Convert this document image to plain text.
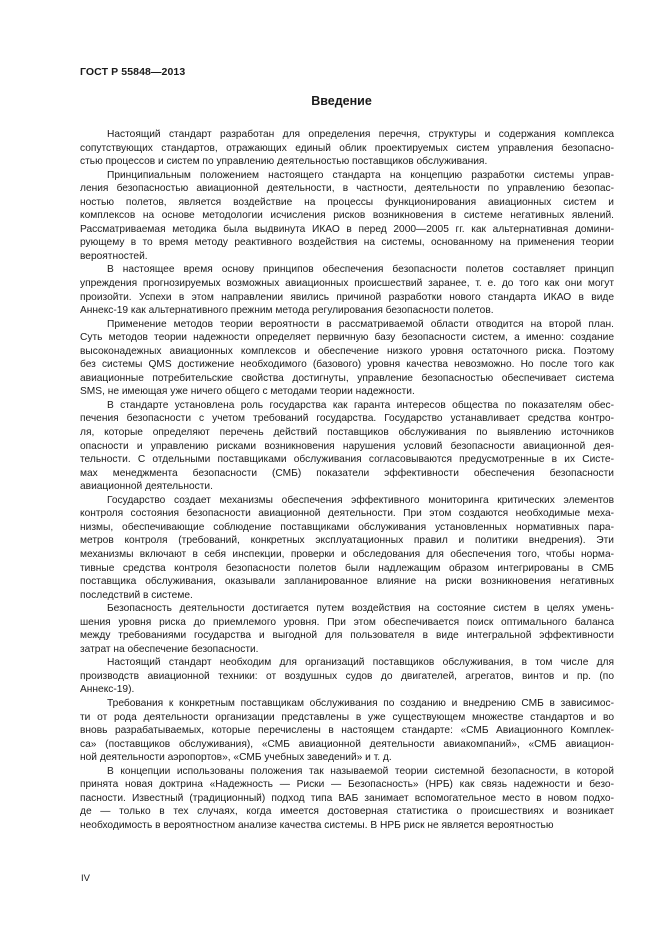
ГОСТ Р 55848—2013
Введение
Настоящий стандарт разработан для определения перечня, структуры и содержания комплекса
сопутствующих стандартов, отражающих единый облик проектируемых систем управления безопасно-
стью процессов и систем по управлению деятельностью поставщиков обслуживания.
Принципиальным положением настоящего стандарта на концепцию разработки системы управ-
ления безопасностью авиационной деятельности, в частности, деятельности по управлению безопас-
ностью полетов, является воздействие на процессы функционирования авиационных систем и
комплексов на основе методологии исчисления рисков возникновения в системе негативных явлений.
Рассматриваемая методика была выдвинута ИКАО в перед 2000—2005 гг. как альтернативная домини-
рующему в то время методу реактивного воздействия на системы, основанному на применения теории
вероятностей.
В настоящее время основу принципов обеспечения безопасности полетов составляет принцип
упреждения прогнозируемых возможных авиационных происшествий заранее, т. е. до того как они могут
произойти. Успехи в этом направлении явились причиной разработки нового стандарта ИКАО в виде
Аннекс-19 как альтернативного прежним метода регулирования безопасности полетов.
Применение методов теории вероятности в рассматриваемой области отводится на второй план.
Суть методов теории надежности определяет первичную базу безопасности систем, а именно: создание
высоконадежных авиационных комплексов и обеспечение низкого уровня остаточного риска. Поэтому
без системы QMS достижение необходимого (базового) уровня качества невозможно. Но после того как
авиационные потребительские свойства достигнуты, управление безопасностью обеспечивает система
SMS, не имеющая уже ничего общего с методами теории надежности.
В стандарте установлена роль государства как гаранта интересов общества по показателям обес-
печения безопасности с учетом требований государства. Государство устанавливает средства контро-
ля, которые определяют перечень действий поставщиков обслуживания по выявлению источников
опасности и управлению рисками возникновения нарушения условий безопасности авиационной дея-
тельности. С отдельными поставщиками обслуживания согласовываются предусмотренные в их Систе-
мах менеджмента безопасности (СМБ) показатели эффективности обеспечения безопасности
авиационной деятельности.
Государство создает механизмы обеспечения эффективного мониторинга критических элементов
контроля состояния безопасности авиационной деятельности. При этом создаются необходимые меха-
низмы, обеспечивающие соблюдение поставщиками обслуживания установленных нормативных пара-
метров контроля (требований, конкретных эксплуатационных правил и политики внедрения). Эти
механизмы включают в себя инспекции, проверки и обследования для обеспечения того, чтобы норма-
тивные средства контроля безопасности полетов были надлежащим образом интегрированы в СМБ
поставщика обслуживания, оказывали запланированное влияние на риски возникновения негативных
последствий в системе.
Безопасность деятельности достигается путем воздействия на состояние систем в целях умень-
шения уровня риска до приемлемого уровня. При этом обеспечивается поиск оптимального баланса
между требованиями государства и выгодной для пользователя в виде интегральной эффективности
затрат на обеспечение безопасности.
Настоящий стандарт необходим для организаций поставщиков обслуживания, в том числе для
производств авиационной техники: от воздушных судов до двигателей, агрегатов, винтов и пр. (по
Аннекс-19).
Требования к конкретным поставщикам обслуживания по созданию и внедрению СМБ в зависимос-
ти от рода деятельности организации представлены в уже существующем множестве стандартов и во
вновь разрабатываемых, которые перечислены в настоящем стандарте: «СМБ Авиационного Комплек-
са» (поставщиков обслуживания), «СМБ авиационной деятельности авиакомпаний», «СМБ авиацион-
ной деятельности аэропортов», «СМБ учебных заведений» и т. д.
В концепции использованы положения так называемой теории системной безопасности, в которой
принята новая доктрина «Надежность — Риски — Безопасность» (НРБ) как связь надежности и безо-
пасности. Известный (традиционный) подход типа ВАБ занимает вспомогательное место в новом подхо-
де — только в тех случаях, когда имеется достоверная статистика о происшествиях и возникает
необходимость в вероятностном анализе качества системы. В НРБ риск не является вероятностью
IV
